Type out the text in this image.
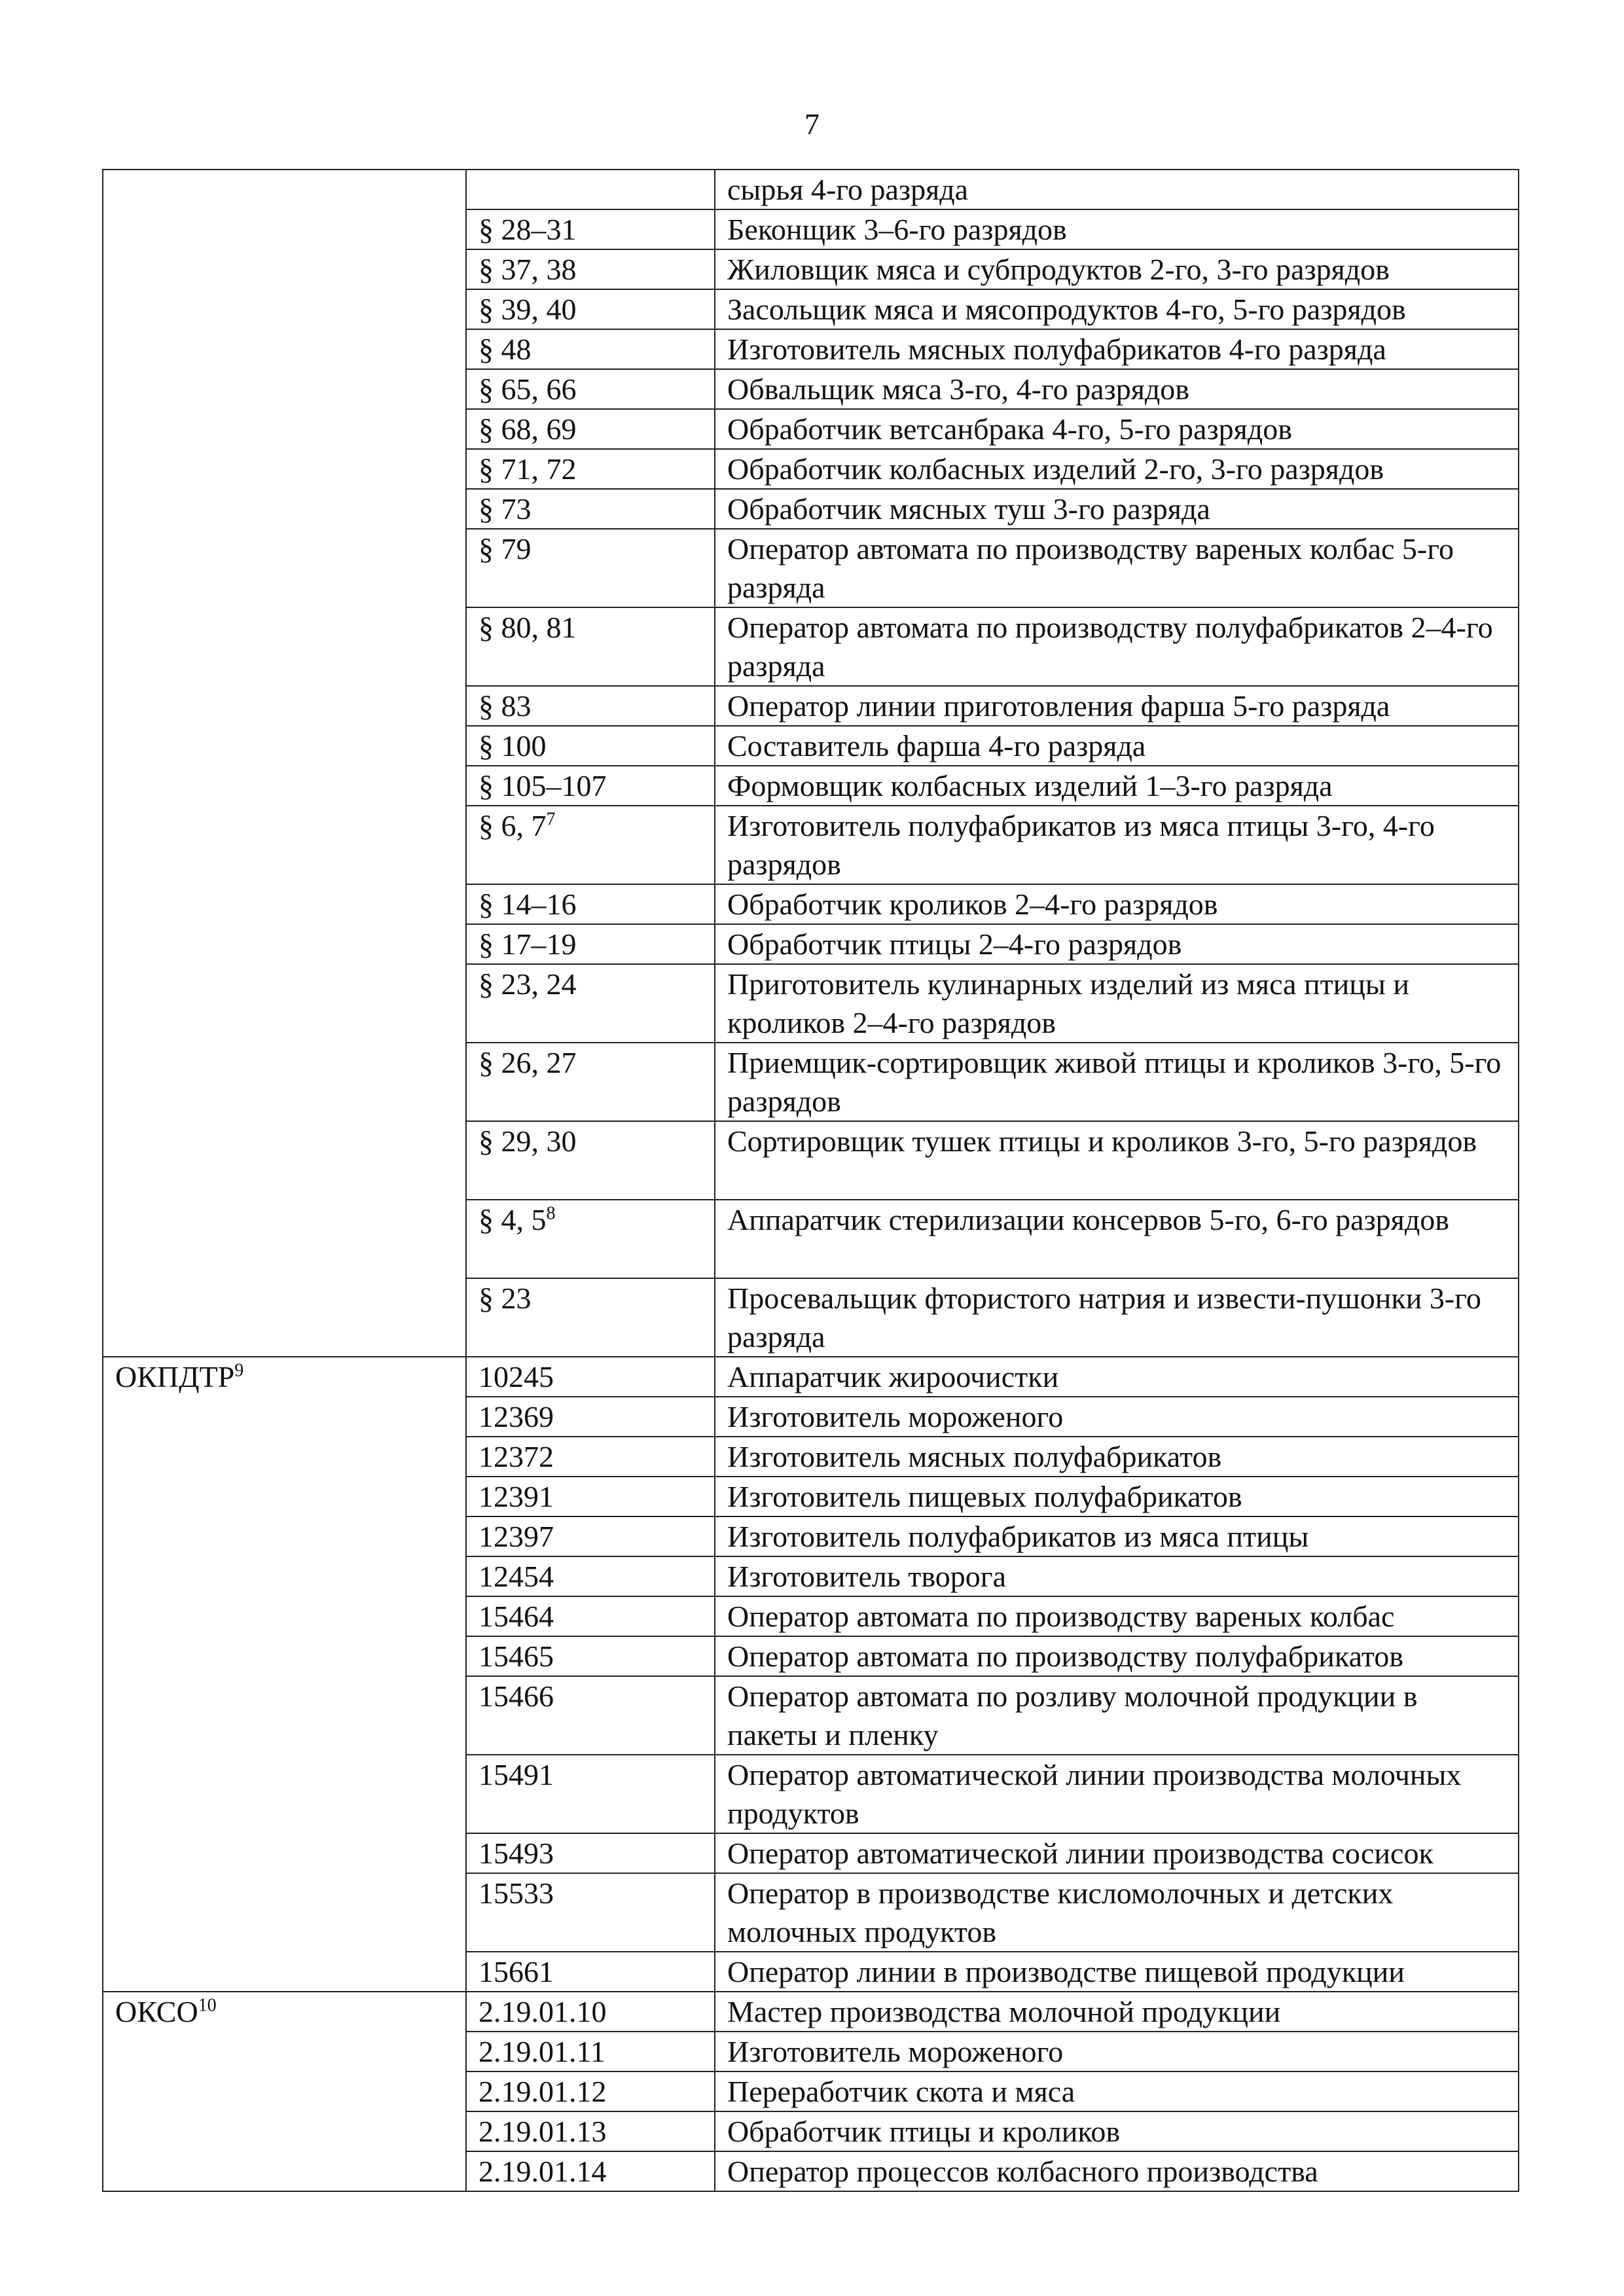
7
		сырья 4-го разряда
	§ 28–31	Беконщик 3–6-го разрядов
	§ 37, 38	Жиловщик мяса и субпродуктов 2-го, 3-го разрядов
	§ 39, 40	Засольщик мяса и мясопродуктов 4-го, 5-го разрядов
	§ 48	Изготовитель мясных полуфабрикатов 4-го разряда
	§ 65, 66	Обвальщик мяса 3-го, 4-го разрядов
	§ 68, 69	Обработчик ветсанбрака 4-го, 5-го разрядов
	§ 71, 72	Обработчик колбасных изделий 2-го, 3-го разрядов
	§ 73	Обработчик мясных туш 3-го разряда
	§ 79	Оператор автомата по производству вареных колбас 5-го разряда
	§ 80, 81	Оператор автомата по производству полуфабрикатов 2–4-го разряда
	§ 83	Оператор линии приготовления фарша 5-го разряда
	§ 100	Составитель фарша 4-го разряда
	§ 105–107	Формовщик колбасных изделий 1–3-го разряда
	§ 6, $7^7$	Изготовитель полуфабрикатов из мяса птицы 3-го, 4-го разрядов
	§ 14–16	Обработчик кроликов 2–4-го разрядов
	§ 17–19	Обработчик птицы 2–4-го разрядов
	§ 23, 24	Приготовитель кулинарных изделий из мяса птицы и кроликов 2–4-го разрядов
	§ 26, 27	Приемщик-сортировщик живой птицы и кроликов 3-го, 5-го разрядов
	§ 29, 30	Сортировщик тушек птицы и кроликов 3-го, 5-го разрядов
	§ 4, $5^8$	Аппаратчик стерилизации консервов 5-го, 6-го разрядов
	§ 23	Просевальщик фтористого натрия и извести-пушонки 3-го разряда
ОКПДТР$^9$	10245	Аппаратчик жироочистки
	12369	Изготовитель мороженого
	12372	Изготовитель мясных полуфабрикатов
	12391	Изготовитель пищевых полуфабрикатов
	12397	Изготовитель полуфабрикатов из мяса птицы
	12454	Изготовитель творога
	15464	Оператор автомата по производству вареных колбас
	15465	Оператор автомата по производству полуфабрикатов
	15466	Оператор автомата по розливу молочной продукции в пакеты и пленку
	15491	Оператор автоматической линии производства молочных продуктов
	15493	Оператор автоматической линии производства сосисок
	15533	Оператор в производстве кисломолочных и детских молочных продуктов
	15661	Оператор линии в производстве пищевой продукции
ОКСО$^{10}$	2.19.01.10	Мастер производства молочной продукции
	2.19.01.11	Изготовитель мороженого
	2.19.01.12	Переработчик скота и мяса
	2.19.01.13	Обработчик птицы и кроликов
	2.19.01.14	Оператор процессов колбасного производства
